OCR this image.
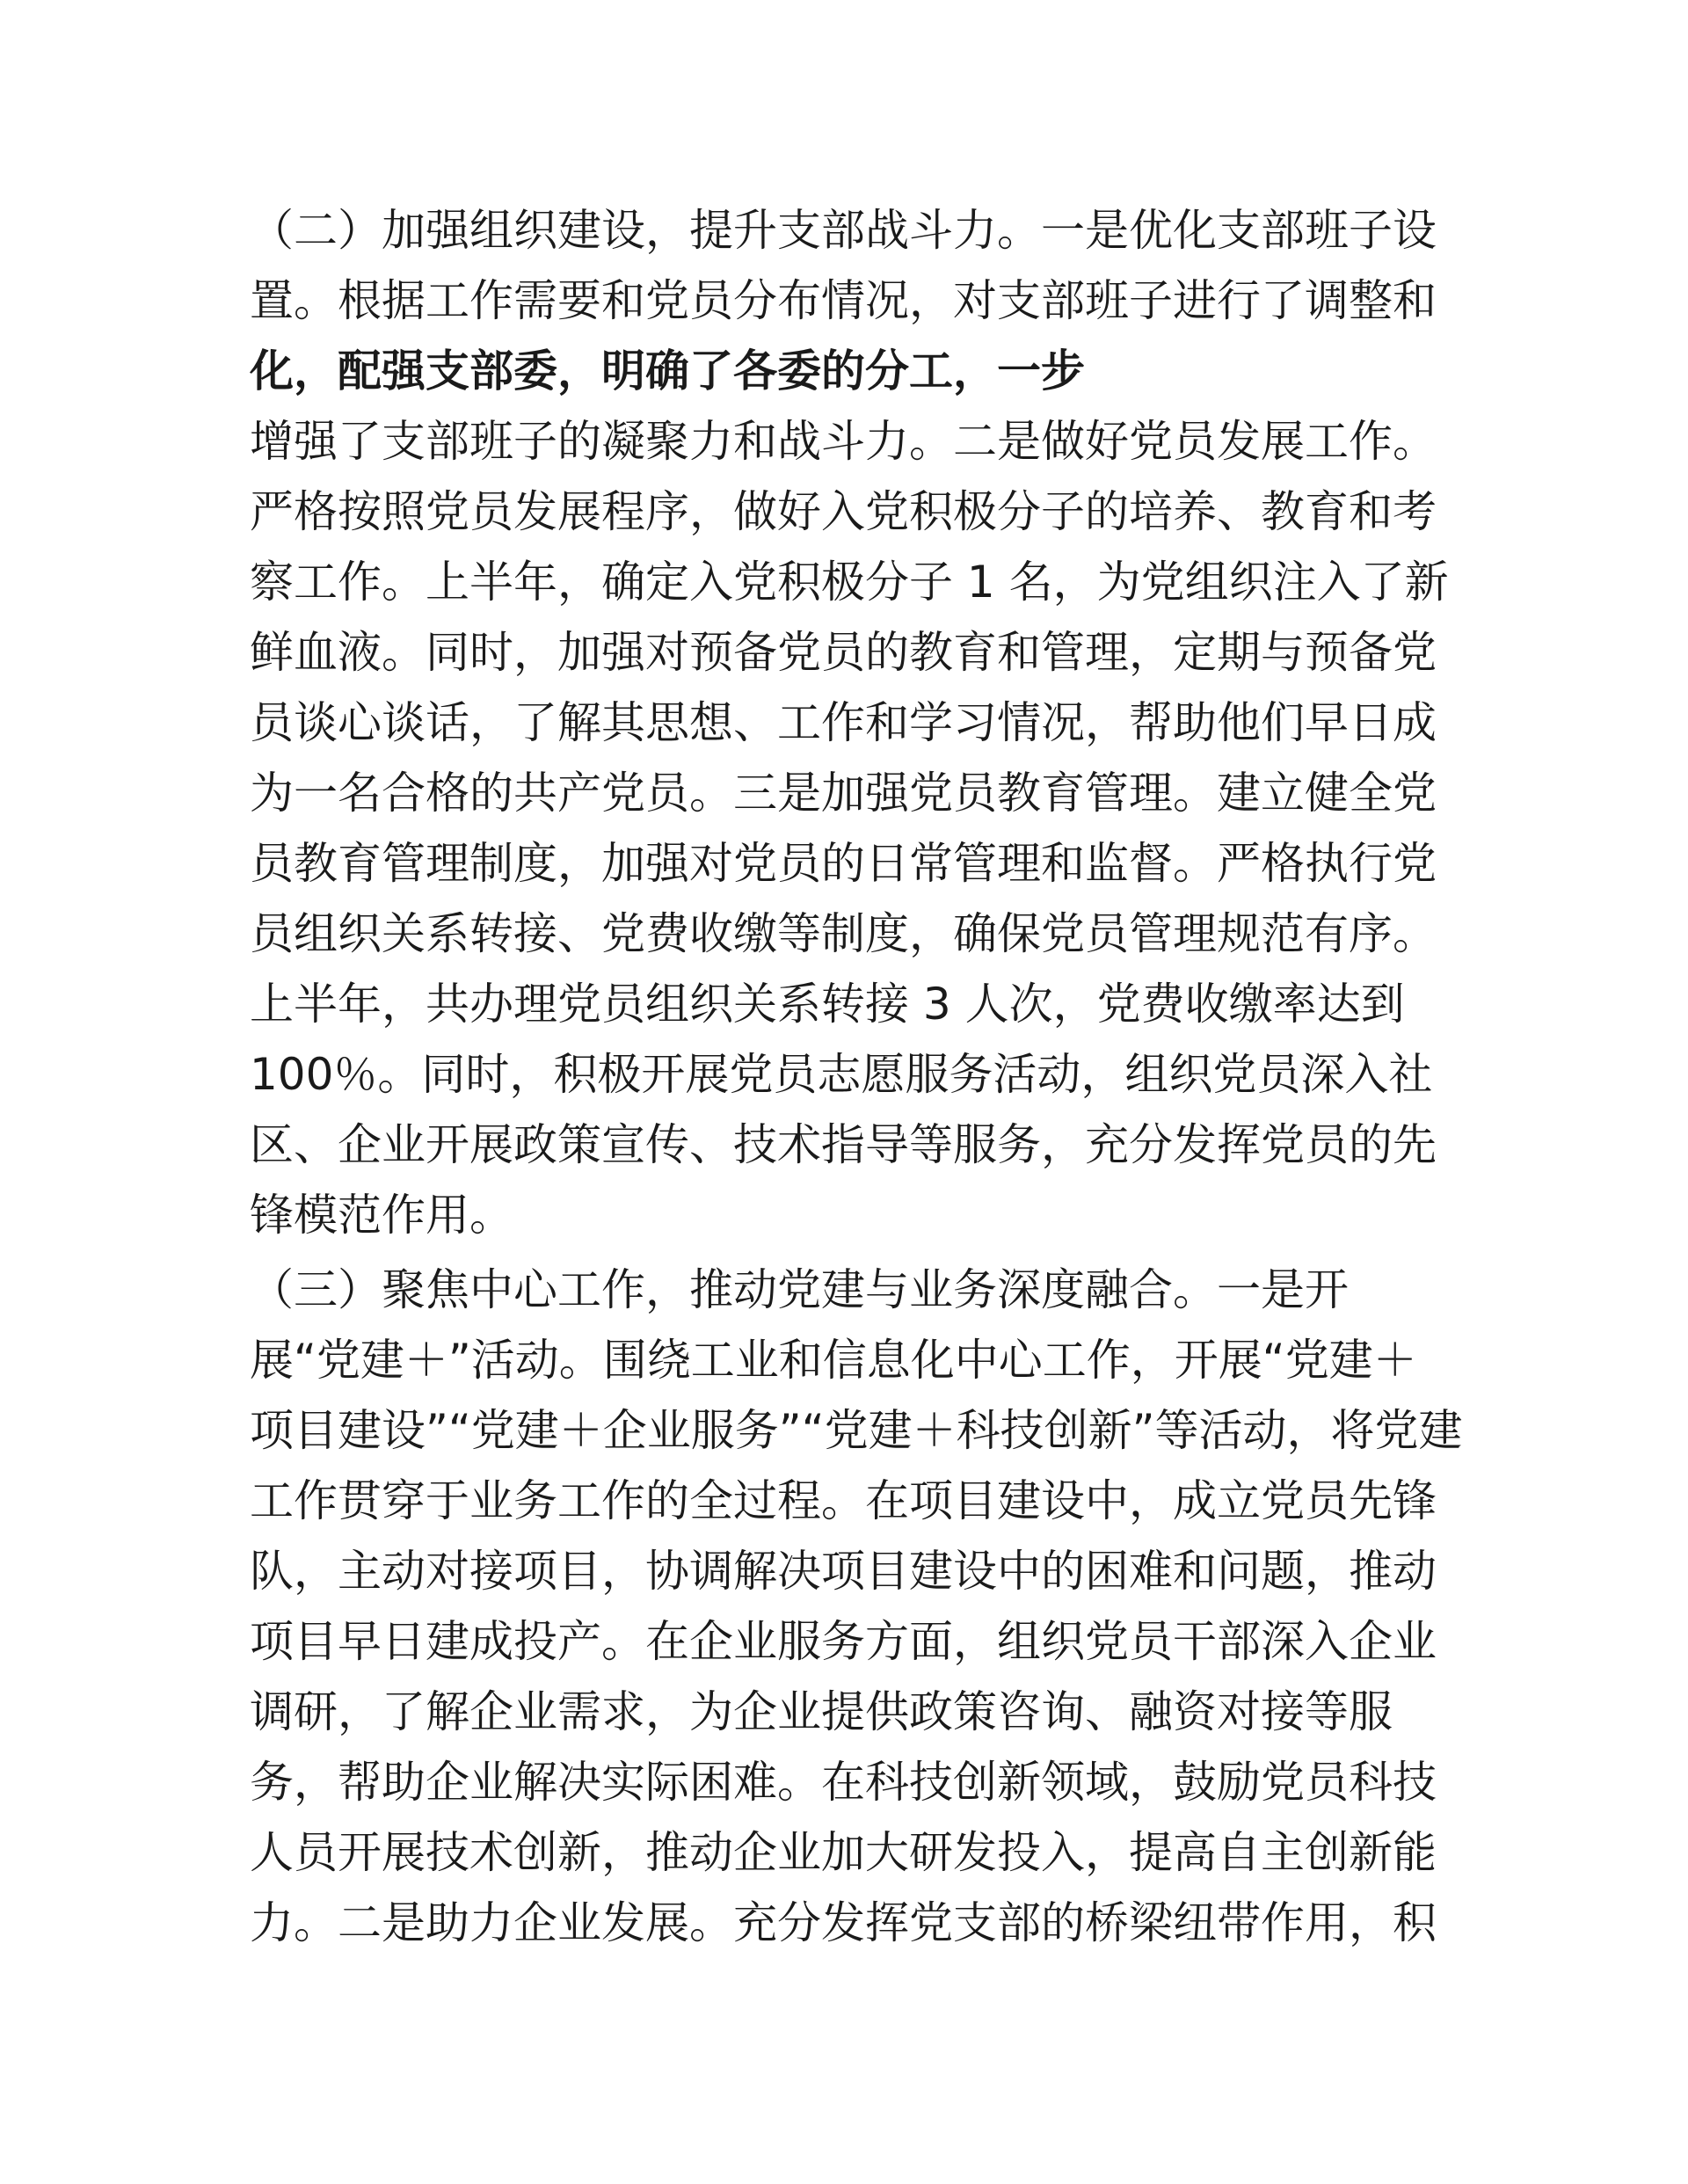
（二）加强组织建设，提升支部战斗力。一是优化支部班子设
置。根据工作需要和党员分布情况，对支部班子进行了调整和
化，配强支部委，明确了各委的分工，一步
增强了支部班子的凝聚力和战斗力。二是做好党员发展工作。
严格按照党员发展程序，做好入党积极分子的培养、教育和考
察工作。上半年，确定入党积极分子 1 名，为党组织注入了新
鲜血液。同时，加强对预备党员的教育和管理，定期与预备党
员谈心谈话，了解其思想、工作和学习情况，帮助他们早日成
为一名合格的共产党员。三是加强党员教育管理。建立健全党
员教育管理制度，加强对党员的日常管理和监督。严格执行党
员组织关系转接、党费收缴等制度，确保党员管理规范有序。
上半年，共办理党员组织关系转接 3 人次，党费收缴率达到
100％。同时，积极开展党员志愿服务活动，组织党员深入社
区、企业开展政策宣传、技术指导等服务，充分发挥党员的先
锋模范作用。
（三）聚焦中心工作，推动党建与业务深度融合。一是开
展“党建＋”活动。围绕工业和信息化中心工作，开展“党建＋
项目建设”“党建＋企业服务”“党建＋科技创新”等活动，将党建
工作贯穿于业务工作的全过程。在项目建设中，成立党员先锋
队，主动对接项目，协调解决项目建设中的困难和问题，推动
项目早日建成投产。在企业服务方面，组织党员干部深入企业
调研，了解企业需求，为企业提供政策咨询、融资对接等服
务，帮助企业解决实际困难。在科技创新领域，鼓励党员科技
人员开展技术创新，推动企业加大研发投入，提高自主创新能
力。二是助力企业发展。充分发挥党支部的桥梁纽带作用，积
